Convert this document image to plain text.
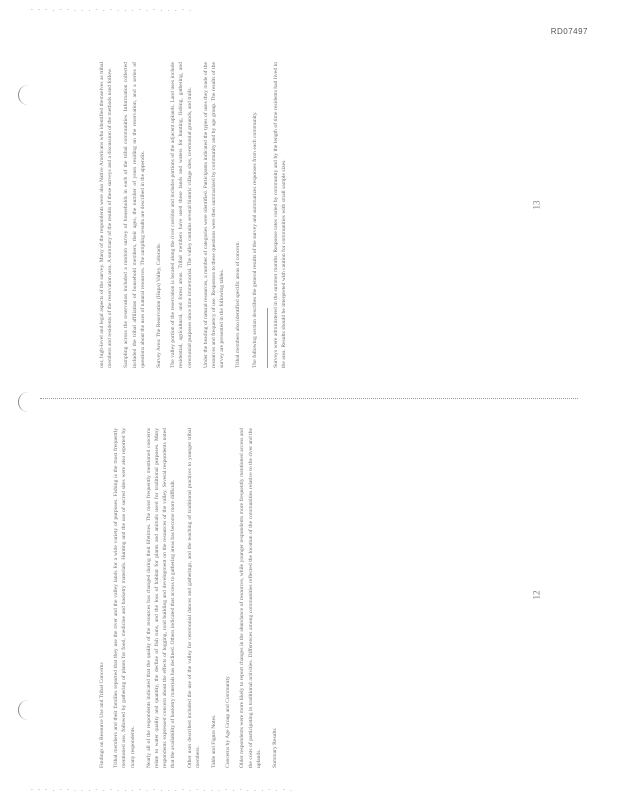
- - - . - - . . . - . - . . . - . - . . . - .
- - - . - - . . . - . - . . . - . - . . . - . - . . . - . - . . . - . - .
RD07497

our, high-level and legal aspects of the survey. Many of the respondents were also Native Americans who identified themselves as tribal members and residents of the reservation area. A summary of the results of these surveys and a discussion of the methods used follow. Sampling across the reservation included a random survey of households in each of the tribal communities. Information collected included the tribal affiliation of household members, their ages, the number of years residing on the reservation, and a series of questions about the uses of natural resources. The sampling results are described in the appendix. Survey Area: The Reservation (Hupa) Valley, Colorado. The valley portion of the reservation is located along the river corridor and includes portions of the adjacent uplands. Land uses include residential, agricultural, and forest areas. Tribal members have used these lands and waters for hunting, fishing, gathering, and ceremonial purposes since time immemorial. The valley contains several historic village sites, ceremonial grounds, and trails. Under the heading of natural resources, a number of categories were identified. Participants indicated the types of uses they made of the resources and frequency of use. Responses to these questions were then summarized by community and by age group. The results of the survey are presented in the following tables. Tribal members also identified specific areas of concern. The following section describes the general results of the survey and summarizes responses from each community.	Surveys were administered in the summer months. Response rates varied by community and by the length of time residents had lived in the area. Results should be interpreted with caution for communities with small sample sizes.

Findings on Resource Use and Tribal Concerns Tribal members and their families reported that they use the river and the valley lands for a wide variety of purposes. Fishing is the most frequently mentioned use, followed by gathering of plants for food, medicine and basketry materials. Hunting and the use of sacred sites were also reported by many respondents. Nearly all of the respondents indicated that the quality of the resources has changed during their lifetimes. The most frequently mentioned concerns relate to water quality and quantity, the decline of fish runs, and the loss of habitat for plants and animals used for traditional purposes. Many respondents expressed concern about the effects of logging, road building and development on the resources of the valley. Several respondents noted that the availability of basketry materials has declined. Others indicated that access to gathering areas has become more difficult. Other uses described included the use of the valley for ceremonial dances and gatherings, and the teaching of traditional practices to younger tribal members. Table and Figure Notes. Concerns by Age Group and Community Older respondents were more likely to report changes in the abundance of resources, while younger respondents more frequently mentioned access and the costs of participating in traditional activities. Differences among communities reflected the location of the communities relative to the river and the uplands. Summary Results

13
12
